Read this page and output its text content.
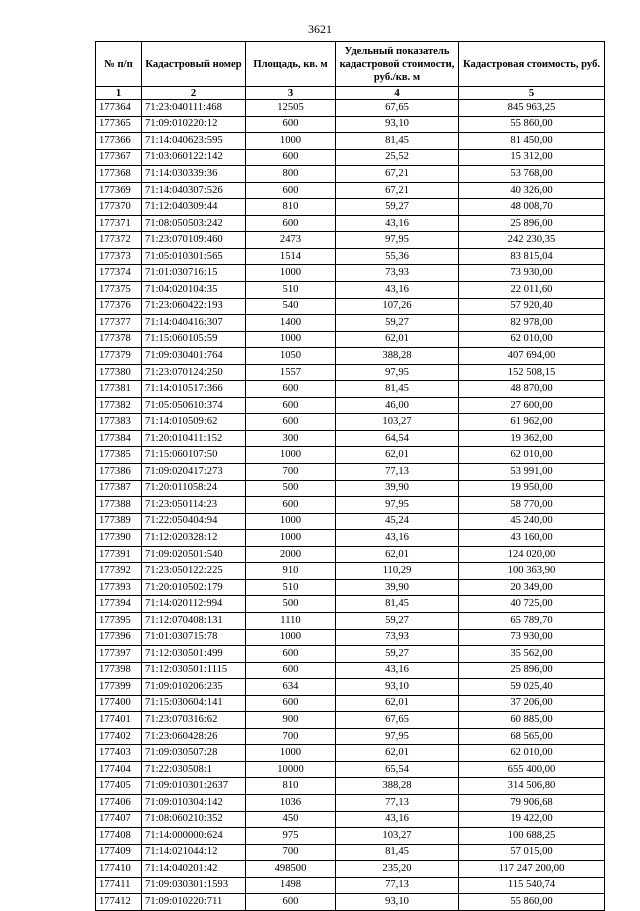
3621
№ п/п	Кадастровый номер	Площадь, кв. м	Удельный показатель кадастровой стоимости, руб./кв. м	Кадастровая стоимость, руб.
1	2	3	4	5
177364	71:23:040111:468	12505	67,65	845 963,25
177365	71:09:010220:12	600	93,10	55 860,00
177366	71:14:040623:595	1000	81,45	81 450,00
177367	71:03:060122:142	600	25,52	15 312,00
177368	71:14:030339:36	800	67,21	53 768,00
177369	71:14:040307:526	600	67,21	40 326,00
177370	71:12:040309:44	810	59,27	48 008,70
177371	71:08:050503:242	600	43,16	25 896,00
177372	71:23:070109:460	2473	97,95	242 230,35
177373	71:05:010301:565	1514	55,36	83 815,04
177374	71:01:030716:15	1000	73,93	73 930,00
177375	71:04:020104:35	510	43,16	22 011,60
177376	71:23:060422:193	540	107,26	57 920,40
177377	71:14:040416:307	1400	59,27	82 978,00
177378	71:15:060105:59	1000	62,01	62 010,00
177379	71:09:030401:764	1050	388,28	407 694,00
177380	71:23:070124:250	1557	97,95	152 508,15
177381	71:14:010517:366	600	81,45	48 870,00
177382	71:05:050610:374	600	46,00	27 600,00
177383	71:14:010509:62	600	103,27	61 962,00
177384	71:20:010411:152	300	64,54	19 362,00
177385	71:15:060107:50	1000	62,01	62 010,00
177386	71:09:020417:273	700	77,13	53 991,00
177387	71:20:011058:24	500	39,90	19 950,00
177388	71:23:050114:23	600	97,95	58 770,00
177389	71:22:050404:94	1000	45,24	45 240,00
177390	71:12:020328:12	1000	43,16	43 160,00
177391	71:09:020501:540	2000	62,01	124 020,00
177392	71:23:050122:225	910	110,29	100 363,90
177393	71:20:010502:179	510	39,90	20 349,00
177394	71:14:020112:994	500	81,45	40 725,00
177395	71:12:070408:131	1110	59,27	65 789,70
177396	71:01:030715:78	1000	73,93	73 930,00
177397	71:12:030501:499	600	59,27	35 562,00
177398	71:12:030501:1115	600	43,16	25 896,00
177399	71:09:010206:235	634	93,10	59 025,40
177400	71:15:030604:141	600	62,01	37 206,00
177401	71:23:070316:62	900	67,65	60 885,00
177402	71:23:060428:26	700	97,95	68 565,00
177403	71:09:030507:28	1000	62,01	62 010,00
177404	71:22:030508:1	10000	65,54	655 400,00
177405	71:09:010301:2637	810	388,28	314 506,80
177406	71:09:010304:142	1036	77,13	79 906,68
177407	71:08:060210:352	450	43,16	19 422,00
177408	71:14:000000:624	975	103,27	100 688,25
177409	71:14:021044:12	700	81,45	57 015,00
177410	71:14:040201:42	498500	235,20	117 247 200,00
177411	71:09:030301:1593	1498	77,13	115 540,74
177412	71:09:010220:711	600	93,10	55 860,00
